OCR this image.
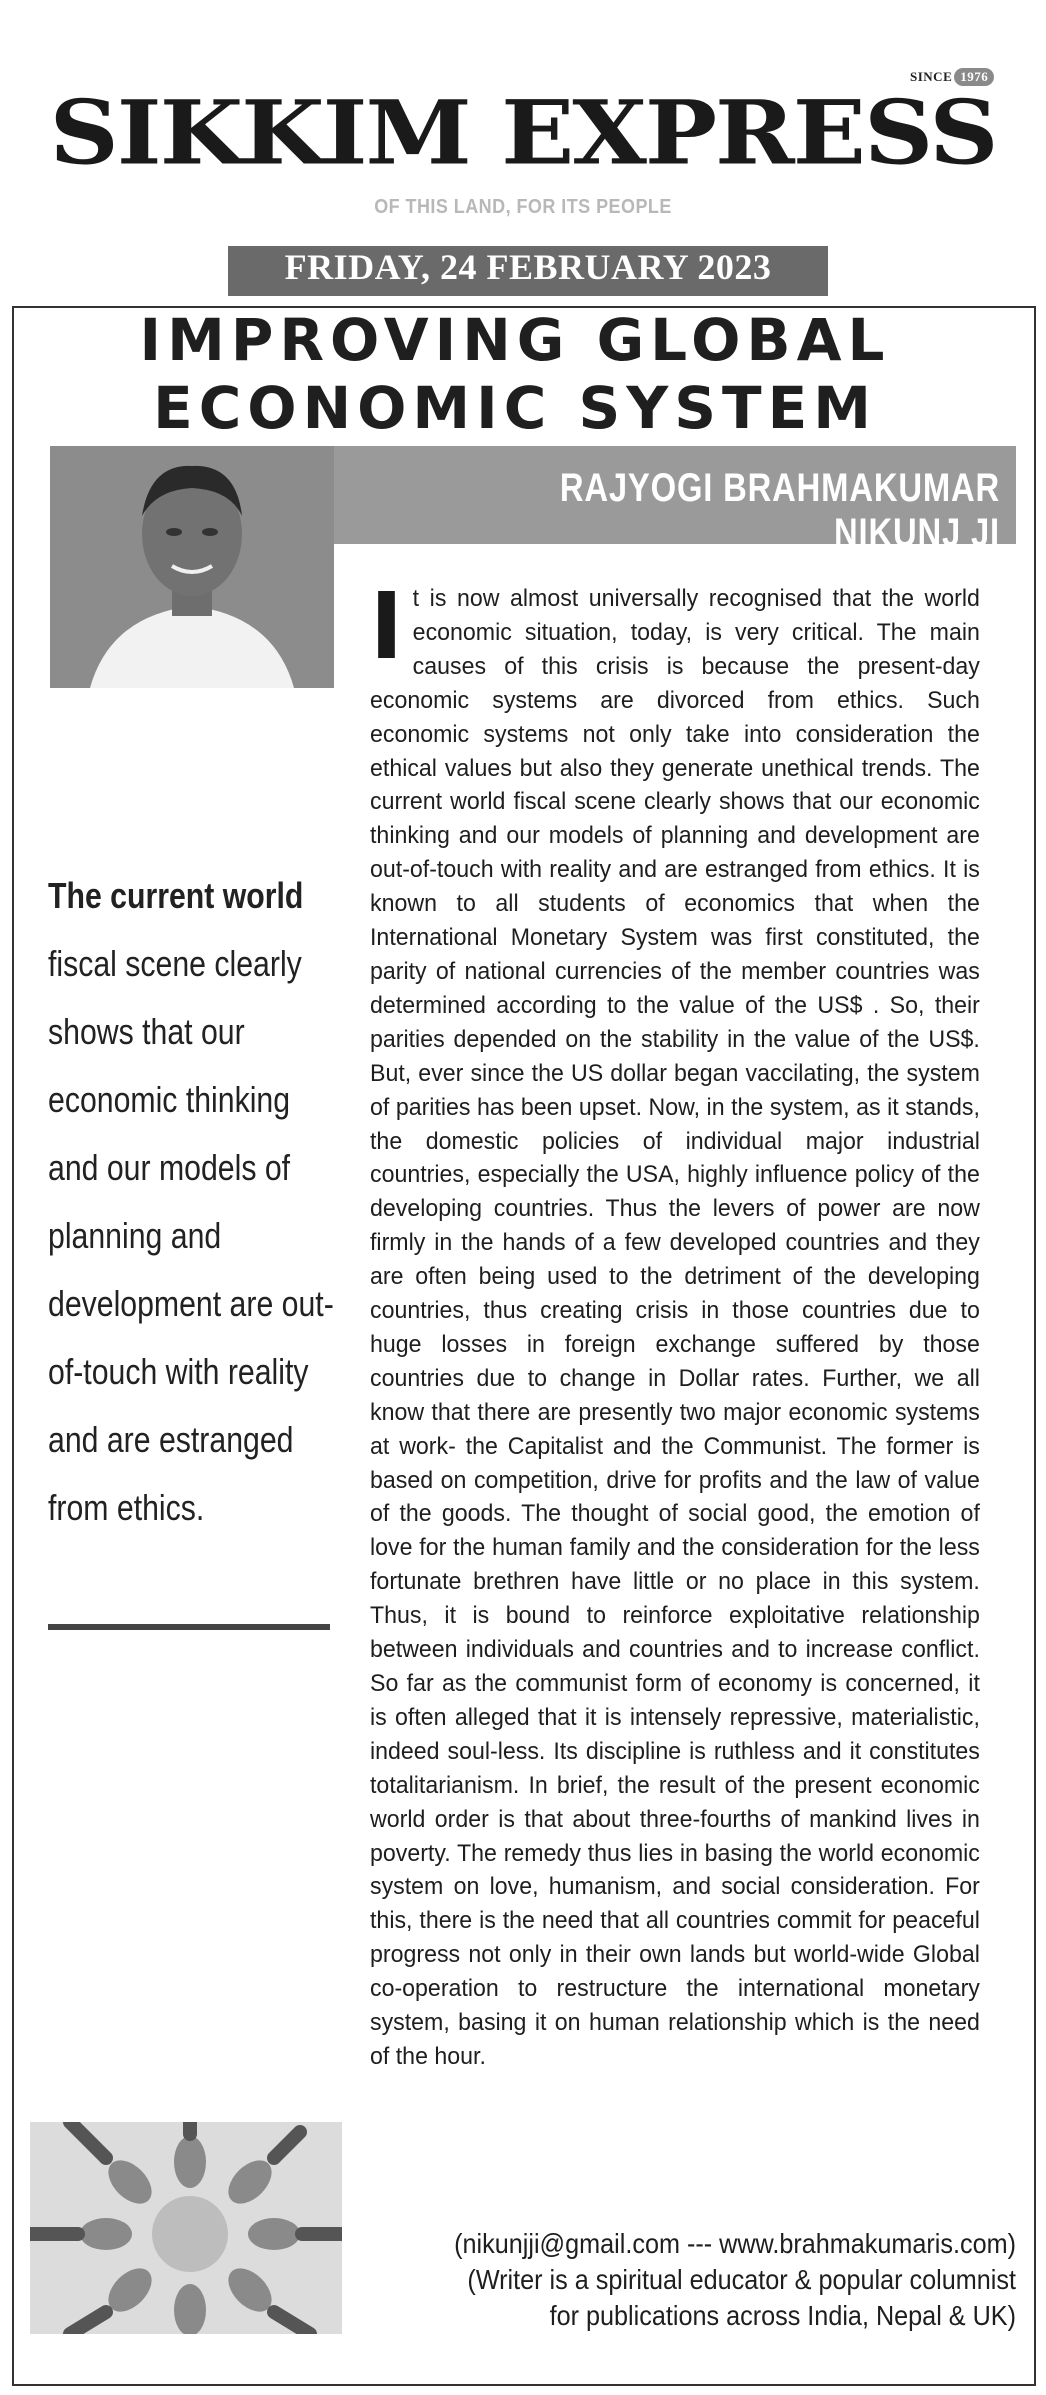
SINCE 1976
SIKKIM EXPRESS
OF THIS LAND, FOR ITS PEOPLE
FRIDAY, 24 FEBRUARY 2023
IMPROVING GLOBAL
ECONOMIC SYSTEM
RAJYOGI BRAHMAKUMAR NIKUNJ JI
The current world fiscal scene clearly shows that our economic thinking and our models of planning and development are out-of-touch with reality and are estranged from ethics.
It is now almost universally recognised that the world economic situation, today, is very critical. The main causes of this crisis is because the present-day economic systems are divorced from ethics. Such economic systems not only take into consideration the ethical values but also they generate unethical trends. The current world fiscal scene clearly shows that our economic thinking and our models of planning and development are out-of-touch with reality and are estranged from ethics. It is known to all students of economics that when the International Monetary System was first constituted, the parity of national currencies of the member countries was determined according to the value of the US$ . So, their parities depended on the stability in the value of the US$. But, ever since the US dollar began vaccilating, the system of parities has been upset. Now, in the system, as it stands, the domestic policies of individual major industrial countries, especially the USA, highly influence policy of the developing countries. Thus the levers of power are now firmly in the hands of a few developed countries and they are often being used to the detriment of the developing countries, thus creating crisis in those countries due to huge losses in foreign exchange suffered by those countries due to change in Dollar rates. Further, we all know that there are presently two major economic systems at work- the Capitalist and the Communist. The former is based on competition, drive for profits and the law of value of the goods. The thought of social good, the emotion of love for the human family and the consideration for the less fortunate brethren have little or no place in this system. Thus, it is bound to reinforce exploitative relationship between individuals and countries and to increase conflict. So far as the communist form of economy is concerned, it is often alleged that it is intensely repressive, materialistic, indeed soul-less. Its discipline is ruthless and it constitutes totalitarianism. In brief, the result of the present economic world order is that about three-fourths of mankind lives in poverty. The remedy thus lies in basing the world economic system on love, humanism, and social consideration. For this, there is the need that all countries commit for peaceful progress not only in their own lands but world-wide Global co-operation to restructure the international monetary system, basing it on human relationship which is the need of the hour.
(nikunjji@gmail.com --- www.brahmakumaris.com)
(Writer is a spiritual educator & popular columnist
for publications across India, Nepal & UK)
